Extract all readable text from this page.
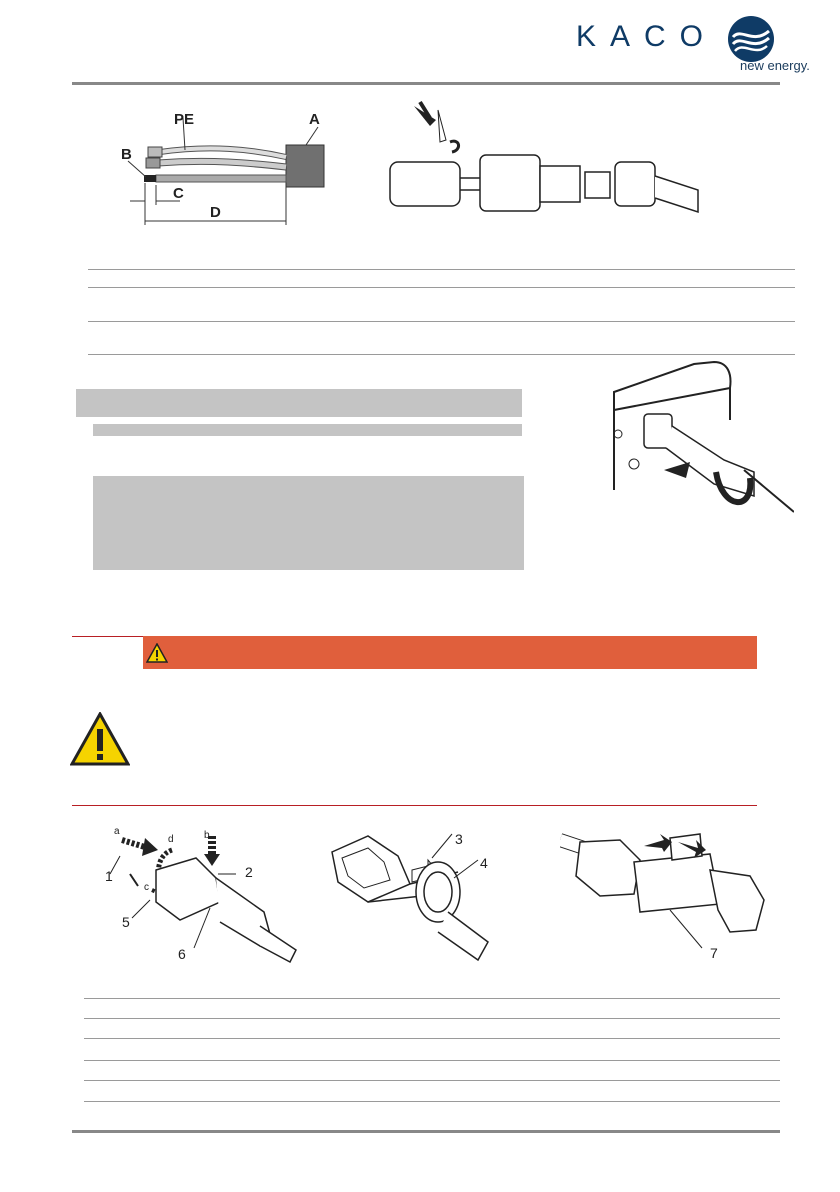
KACO
new energy.
PE	A
B
C
D
a	b
c
d
1	2
3
4
5
6	7
